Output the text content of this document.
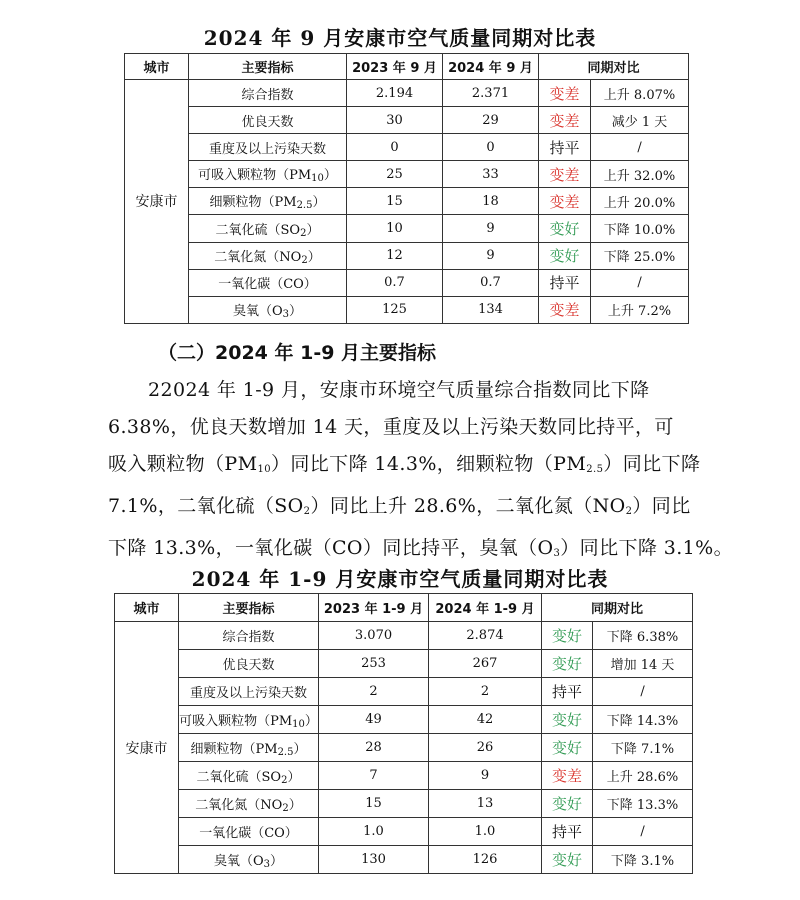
2024 年 9 月安康市空气质量同期对比表
城市	主要指标	2023 年 9 月	2024 年 9 月	同期对比	
安康市	综合指数	2.194	2.371	变差	上升 8.07%
	优良天数	30	29	变差	减少 1 天
	重度及以上污染天数	0	0	持平	/
	可吸入颗粒物$(PM_{10})$	25	33	变差	上升 32.0%
	细颗粒物$(PM_{2.5})$	15	18	变差	上升 20.0%
	二氧化硫$(SO_2)$	10	9	变好	下降 10.0%
	二氧化氮$(NO_2)$	12	9	变好	下降 25.0%
	一氧化碳（CO）	0.7	0.7	持平	/
	臭氧$(O_3)$	125	134	变差	上升 7.2%
（二）2024 年 1-9 月主要指标
22024 年 1-9 月，安康市环境空气质量综合指数同比下降
6.38%，优良天数增加 14 天，重度及以上污染天数同比持平，可
吸入颗粒物$(PM_{10})$同比下降 14.3%，细颗粒物$(PM_{2.5})$同比下降
7.1%，二氧化硫$(SO_2)$同比上升 28.6%，二氧化氮$(NO_2)$同比
下降 13.3%，一氧化碳（CO）同比持平，臭氧$(O_3)$同比下降 3.1%。
2024 年 1-9 月安康市空气质量同期对比表
城市	主要指标	2023 年 1-9 月	2024 年 1-9 月	同期对比	
安康市	综合指数	3.070	2.874	变好	下降 6.38%
	优良天数	253	267	变好	增加 14 天
	重度及以上污染天数	2	2	持平	/
	可吸入颗粒物$(PM_{10})$	49	42	变好	下降 14.3%
	细颗粒物$(PM_{2.5})$	28	26	变好	下降 7.1%
	二氧化硫$(SO_2)$	7	9	变差	上升 28.6%
	二氧化氮$(NO_2)$	15	13	变好	下降 13.3%
	一氧化碳（CO）	1.0	1.0	持平	/
	臭氧$(O_3)$	130	126	变好	下降 3.1%
